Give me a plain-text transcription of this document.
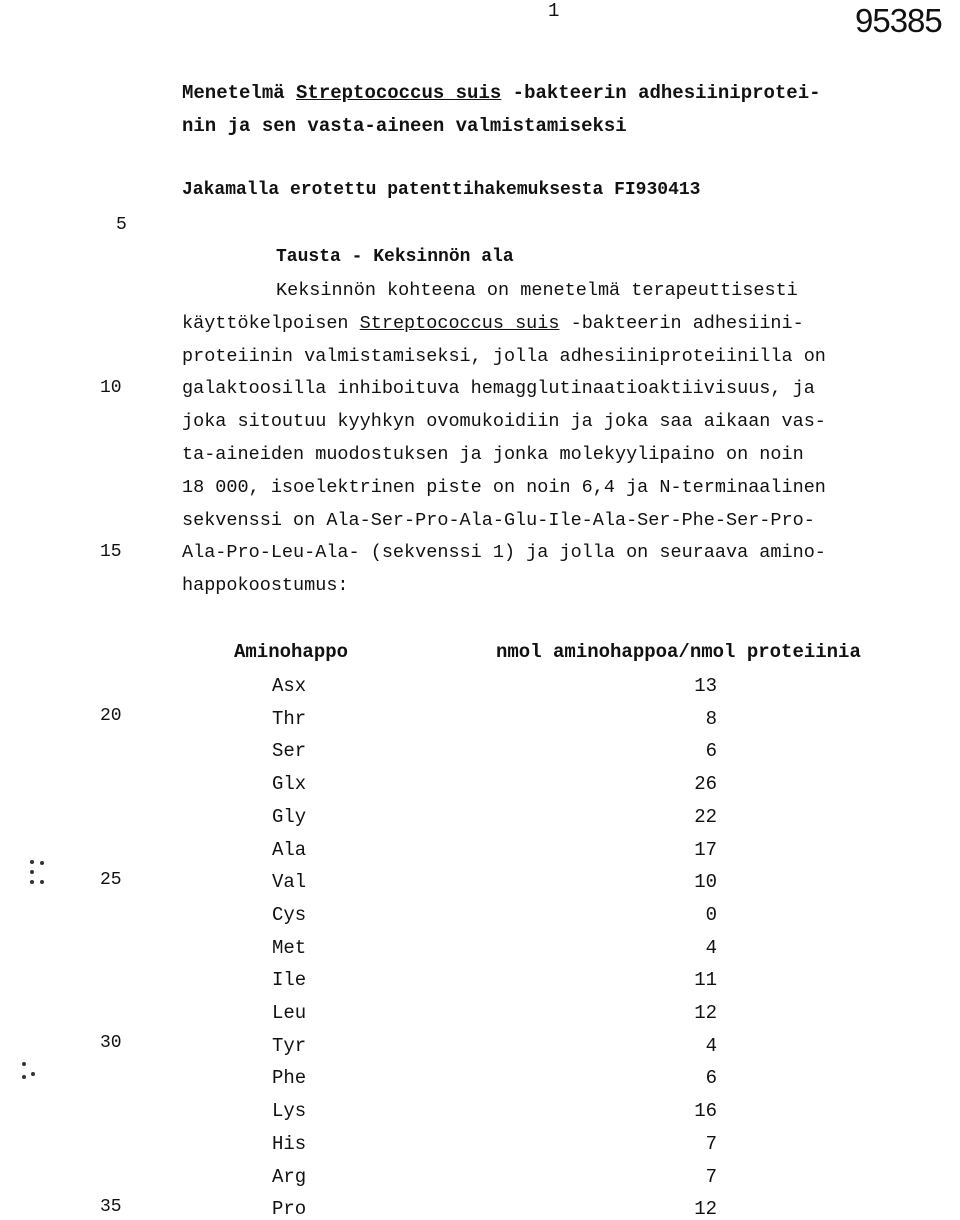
1	95385
Menetelmä Streptococcus suis -bakteerin adhesiiniprotei-
nin ja sen vasta-aineen valmistamiseksi
Jakamalla erotettu patenttihakemuksesta FI930413
Tausta - Keksinnön ala
Keksinnön kohteena on menetelmä terapeuttisesti
käyttökelpoisen Streptococcus suis -bakteerin adhesiini-
proteiinin valmistamiseksi, jolla adhesiiniproteiinilla on
galaktoosilla inhiboituva hemagglutinaatioaktiivisuus, ja
joka sitoutuu kyyhkyn ovomukoidiin ja joka saa aikaan vas-
ta-aineiden muodostuksen ja jonka molekyylipaino on noin
18 000, isoelektrinen piste on noin 6,4 ja N-terminaalinen
sekvenssi on Ala-Ser-Pro-Ala-Glu-Ile-Ala-Ser-Phe-Ser-Pro-
Ala-Pro-Leu-Ala- (sekvenssi 1) ja jolla on seuraava amino-
happokoostumus:
5
10
15
20
25
30
35
Aminohappo	nmol aminohappoa/nmol proteiinia
Asx	13
Thr	8
Ser	6
Glx	26
Gly	22
Ala	17
Val	10
Cys	0
Met	4
Ile	11
Leu	12
Tyr	4
Phe	6
Lys	16
His	7
Arg	7
Pro	12
